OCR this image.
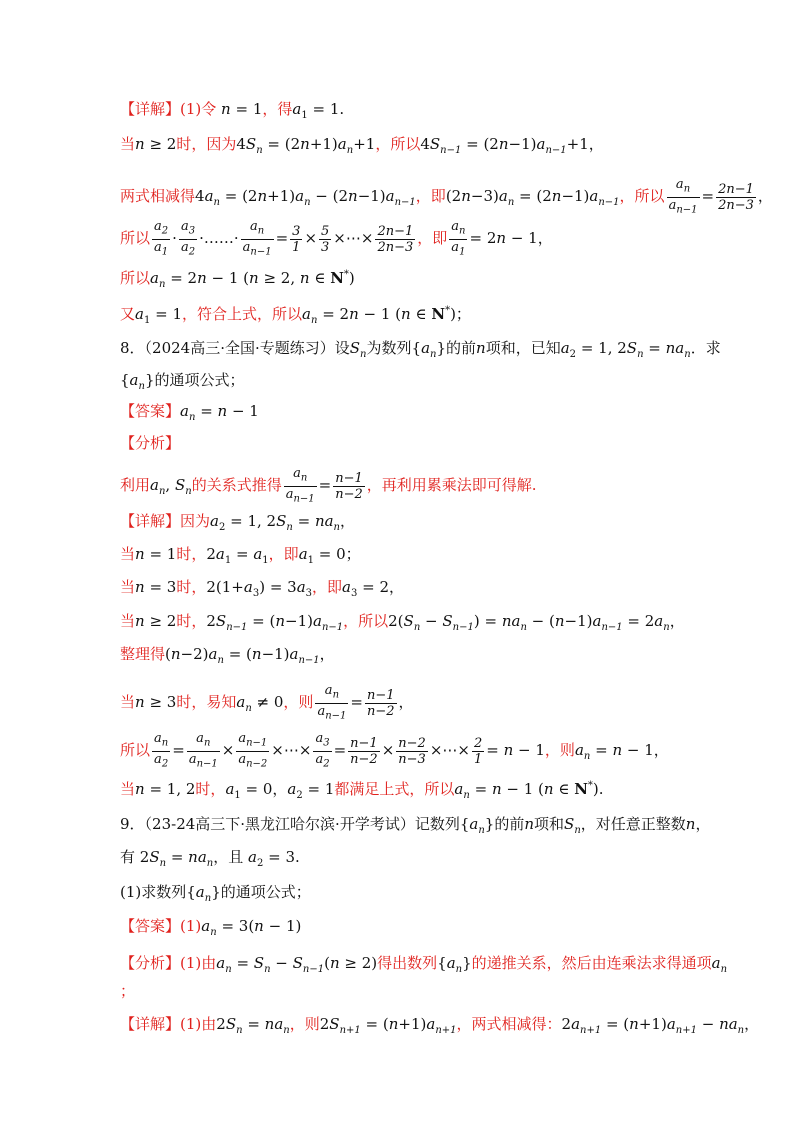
【详解】(1)令 n = 1，得$a_1 = 1$.
当n ≥ 2时，因为$4S_n = (2n+1)a_n+1$，所以$4S_{n-1} = (2n-1)a_{n-1}+1$，
两式相减得$4a_n = (2n+1)a_n - (2n-1)a_{n-1}$，即$(2n-3)a_n = (2n-1)a_{n-1}$，所以 $\frac{a_n}{a_{n-1}} = \frac{2n-1}{2n-3}$ ，
所以 $\frac{a_2}{a_1} \cdot \frac{a_3}{a_2}$ ·……· $\frac{a_n}{a_{n-1}} = \frac{3}{1} \times \frac{5}{3}$ ×⋯× $\frac{2n-1}{2n-3}$ ，即 $\frac{a_n}{a_1} = 2n - 1$，
所以$a_n = 2n - 1$ (n ≥ 2, n ∈ N*)
又$a_1 = 1$，符合上式，所以$a_n = 2n - 1$ (n ∈ N*)；
8．（2024高三·全国·专题练习）设$S_n$为数列$\{a_n\}$的前n项和，已知$a_2 = 1$, $2S_n = na_n$．求
$\{a_n\}$的通项公式；
【答案】$a_n = n - 1$
【分析】
利用$a_n$, $S_n$的关系式推得 $\frac{a_n}{a_{n-1}} = \frac{n-1}{n-2}$ ，再利用累乘法即可得解.
【详解】因为$a_2 = 1$, $2S_n = na_n$，
当n = 1时，$2a_1 = a_1$，即$a_1 = 0$；
当n = 3时，$2(1+a_3) = 3a_3$，即$a_3 = 2$，
当n ≥ 2时，$2S_{n-1} = (n-1)a_{n-1}$，所以$2(S_n - S_{n-1}) = na_n - (n-1)a_{n-1} = 2a_n$，
整理得$(n-2)a_n = (n-1)a_{n-1}$，
当n ≥ 3时，易知$a_n \ne 0$，则 $\frac{a_n}{a_{n-1}} = \frac{n-1}{n-2}$ ，
所以 $\frac{a_n}{a_2} = \frac{a_n}{a_{n-1}} \times \frac{a_{n-1}}{a_{n-2}}$ ×⋯× $\frac{a_3}{a_2} = \frac{n-1}{n-2} \times \frac{n-2}{n-3}$ ×⋯× $\frac{2}{1} = n - 1$，则$a_n = n - 1$，
当n = 1, 2时，$a_1 = 0$，$a_2 = 1$都满足上式，所以$a_n = n - 1$ (n ∈ N*).
9．（23-24高三下·黑龙江哈尔滨·开学考试）记数列$\{a_n\}$的前n项和$S_n$，对任意正整数n，
有 $2S_n = na_n$，且 $a_2 = 3$.
(1)求数列$\{a_n\}$的通项公式；
【答案】$(1)a_n = 3(n - 1)$
【分析】(1)由$a_n = S_n - S_{n-1}(n \ge 2)$得出数列$\{a_n\}$的递推关系，然后由连乘法求得通项$a_n$
；
【详解】(1)由$2S_n = na_n$，则$2S_{n+1} = (n+1)a_{n+1}$，两式相减得：$2a_{n+1} = (n+1)a_{n+1} - na_n$，
